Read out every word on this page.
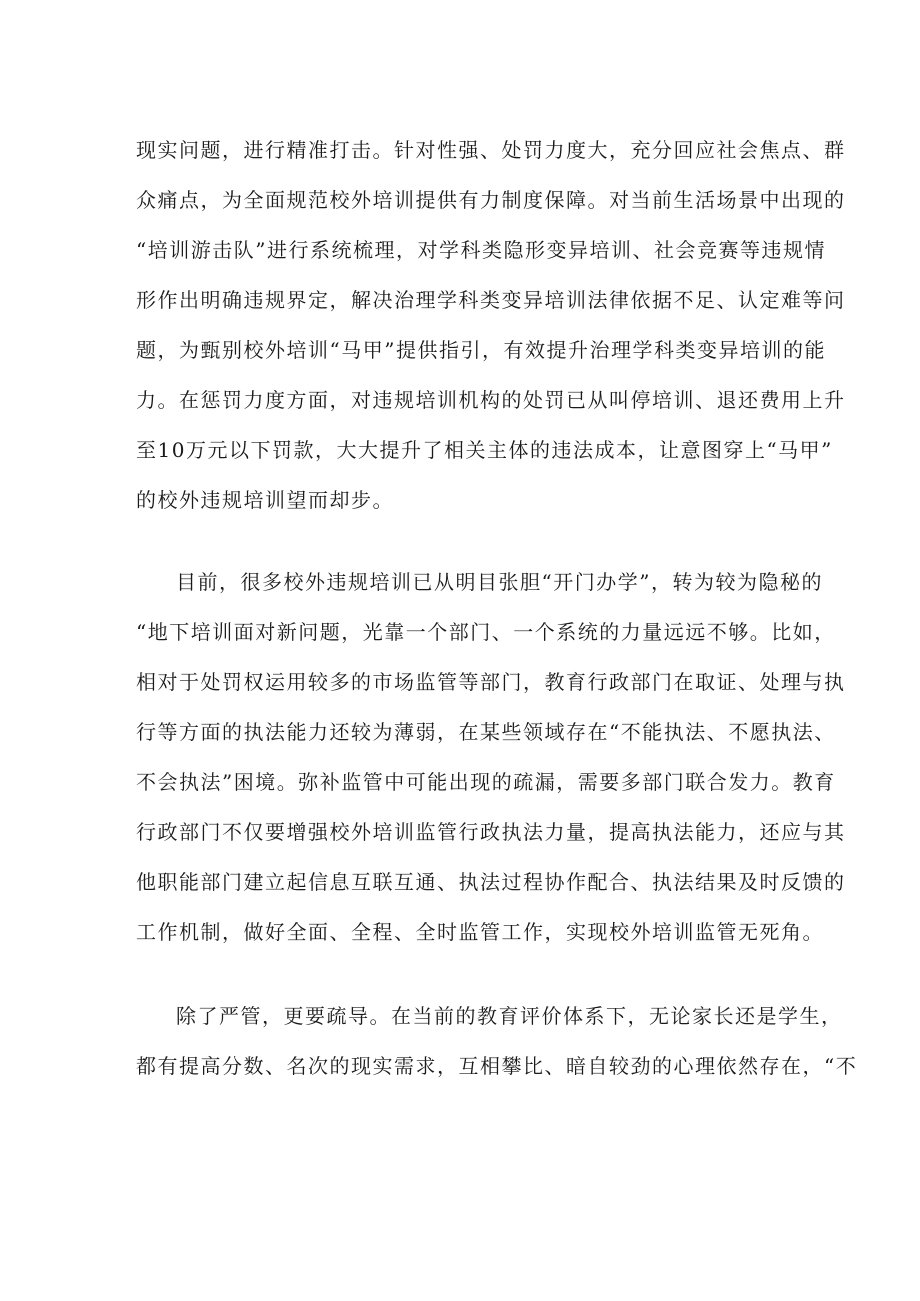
现实问题，进行精准打击。针对性强、处罚力度大，充分回应社会焦点、群
众痛点，为全面规范校外培训提供有力制度保障。对当前生活场景中出现的
“培训游击队”进行系统梳理，对学科类隐形变异培训、社会竞赛等违规情
形作出明确违规界定，解决治理学科类变异培训法律依据不足、认定难等问
题，为甄别校外培训“马甲”提供指引，有效提升治理学科类变异培训的能
力。在惩罚力度方面，对违规培训机构的处罚已从叫停培训、退还费用上升
至10万元以下罚款，大大提升了相关主体的违法成本，让意图穿上“马甲”
的校外违规培训望而却步。
目前，很多校外违规培训已从明目张胆“开门办学”，转为较为隐秘的
“地下培训面对新问题，光靠一个部门、一个系统的力量远远不够。比如，
相对于处罚权运用较多的市场监管等部门，教育行政部门在取证、处理与执
行等方面的执法能力还较为薄弱，在某些领域存在“不能执法、不愿执法、
不会执法”困境。弥补监管中可能出现的疏漏，需要多部门联合发力。教育
行政部门不仅要增强校外培训监管行政执法力量，提高执法能力，还应与其
他职能部门建立起信息互联互通、执法过程协作配合、执法结果及时反馈的
工作机制，做好全面、全程、全时监管工作，实现校外培训监管无死角。
除了严管，更要疏导。在当前的教育评价体系下，无论家长还是学生，
都有提高分数、名次的现实需求，互相攀比、暗自较劲的心理依然存在，“不
